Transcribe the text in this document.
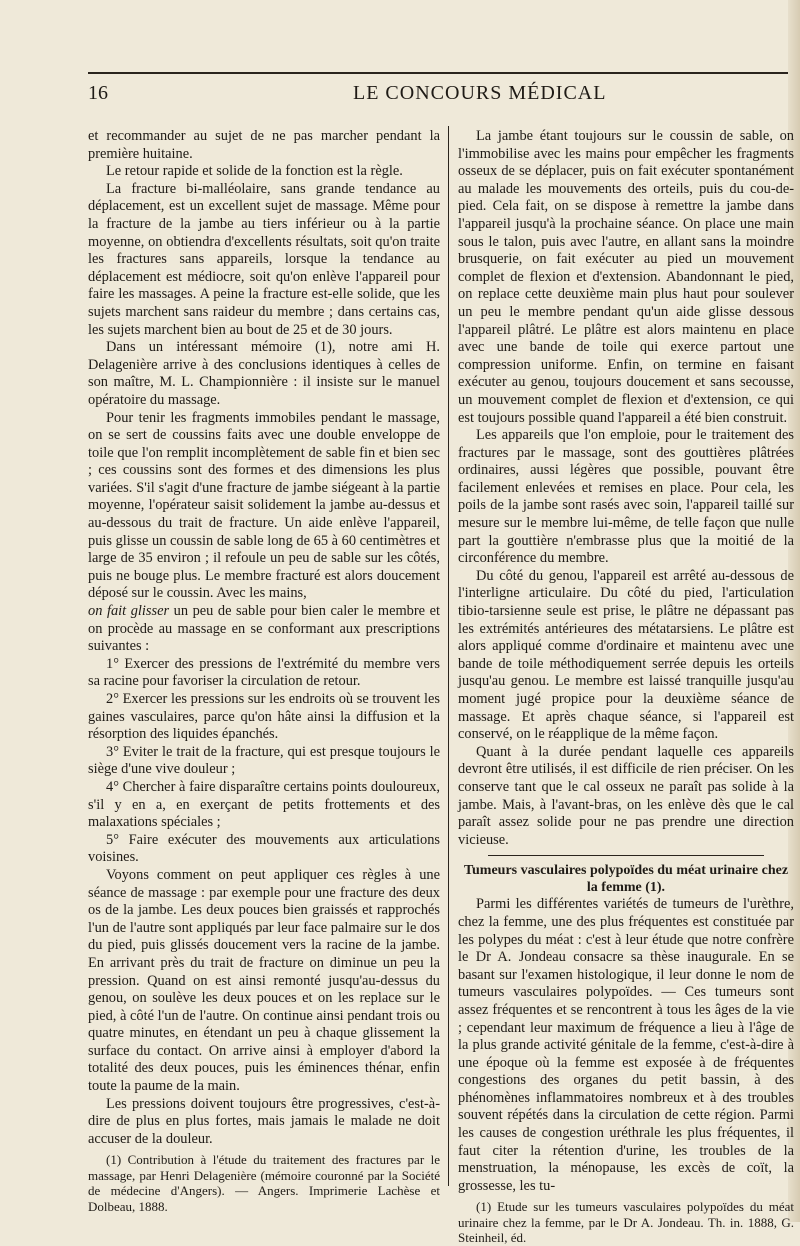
16	LE CONCOURS MÉDICAL

et recommander au sujet de ne pas marcher pendant la première huitaine.

Le retour rapide et solide de la fonction est la règle.

La fracture bi-malléolaire, sans grande tendance au déplacement, est un excellent sujet de massage. Même pour la fracture de la jambe au tiers inférieur ou à la partie moyenne, on obtiendra d'excellents résultats, soit qu'on traite les fractures sans appareils, lorsque la tendance au déplacement est médiocre, soit qu'on enlève l'appareil pour faire les massages. A peine la fracture est-elle solide, que les sujets marchent sans raideur du membre ; dans certains cas, les sujets marchent bien au bout de 25 et de 30 jours.

Dans un intéressant mémoire (1), notre ami H. Delagenière arrive à des conclusions identiques à celles de son maître, M. L. Championnière : il insiste sur le manuel opératoire du massage.

Pour tenir les fragments immobiles pendant le massage, on se sert de coussins faits avec une double enveloppe de toile que l'on remplit incomplètement de sable fin et bien sec ; ces coussins sont des formes et des dimensions les plus variées. S'il s'agit d'une fracture de jambe siégeant à la partie moyenne, l'opérateur saisit solidement la jambe au-dessus et au-dessous du trait de fracture. Un aide enlève l'appareil, puis glisse un coussin de sable long de 65 à 60 centimètres et large de 35 environ ; il refoule un peu de sable sur les côtés, puis ne bouge plus. Le membre fracturé est alors doucement déposé sur le coussin. Avec les mains,

on fait glisser un peu de sable pour bien caler le membre et on procède au massage en se conformant aux prescriptions suivantes :

1° Exercer des pressions de l'extrémité du membre vers sa racine pour favoriser la circulation de retour.

2° Exercer les pressions sur les endroits où se trouvent les gaines vasculaires, parce qu'on hâte ainsi la diffusion et la résorption des liquides épanchés.

3° Eviter le trait de la fracture, qui est presque toujours le siège d'une vive douleur ;

4° Chercher à faire disparaître certains points douloureux, s'il y en a, en exerçant de petits frottements et des malaxations spéciales ;

5° Faire exécuter des mouvements aux articulations voisines.

Voyons comment on peut appliquer ces règles à une séance de massage : par exemple pour une fracture des deux os de la jambe. Les deux pouces bien graissés et rapprochés l'un de l'autre sont appliqués par leur face palmaire sur le dos du pied, puis glissés doucement vers la racine de la jambe. En arrivant près du trait de fracture on diminue un peu la pression. Quand on est ainsi remonté jusqu'au-dessus du genou, on soulève les deux pouces et on les replace sur le pied, à côté l'un de l'autre. On continue ainsi pendant trois ou quatre minutes, en étendant un peu à chaque glissement la surface du contact. On arrive ainsi à employer d'abord la totalité des deux pouces, puis les éminences thénar, enfin toute la paume de la main.

Les pressions doivent toujours être progressives, c'est-à-dire de plus en plus fortes, mais jamais le malade ne doit accuser de la douleur.

(1) Contribution à l'étude du traitement des fractures par le massage, par Henri Delagenière (mémoire couronné par la Société de médecine d'Angers). — Angers. Imprimerie Lachèse et Dolbeau, 1888.

La jambe étant toujours sur le coussin de sable, on l'immobilise avec les mains pour empêcher les fragments osseux de se déplacer, puis on fait exécuter spontanément au malade les mouvements des orteils, puis du cou-de-pied. Cela fait, on se dispose à remettre la jambe dans l'appareil jusqu'à la prochaine séance. On place une main sous le talon, puis avec l'autre, en allant sans la moindre brusquerie, on fait exécuter au pied un mouvement complet de flexion et d'extension. Abandonnant le pied, on replace cette deuxième main plus haut pour soulever un peu le membre pendant qu'un aide glisse dessous l'appareil plâtré. Le plâtre est alors maintenu en place avec une bande de toile qui exerce partout une compression uniforme. Enfin, on termine en faisant exécuter au genou, toujours doucement et sans secousse, un mouvement complet de flexion et d'extension, ce qui est toujours possible quand l'appareil a été bien construit.

Les appareils que l'on emploie, pour le traitement des fractures par le massage, sont des gouttières plâtrées ordinaires, aussi légères que possible, pouvant être facilement enlevées et remises en place. Pour cela, les poils de la jambe sont rasés avec soin, l'appareil taillé sur mesure sur le membre lui-même, de telle façon que nulle part la gouttière n'embrasse plus que la moitié de la circonférence du membre.

Du côté du genou, l'appareil est arrêté au-dessous de l'interligne articulaire. Du côté du pied, l'articulation tibio-tarsienne seule est prise, le plâtre ne dépassant pas les extrémités antérieures des métatarsiens. Le plâtre est alors appliqué comme d'ordinaire et maintenu avec une bande de toile méthodiquement serrée depuis les orteils jusqu'au genou. Le membre est laissé tranquille jusqu'au moment jugé propice pour la deuxième séance de massage. Et après chaque séance, si l'appareil est conservé, on le réapplique de la même façon.

Quant à la durée pendant laquelle ces appareils devront être utilisés, il est difficile de rien préciser. On les conserve tant que le cal osseux ne paraît pas solide à la jambe. Mais, à l'avant-bras, on les enlève dès que le cal paraît assez solide pour ne pas prendre une direction vicieuse.

Tumeurs vasculaires polypoïdes du méat urinaire chez la femme (1).

Parmi les différentes variétés de tumeurs de l'urèthre, chez la femme, une des plus fréquentes est constituée par les polypes du méat : c'est à leur étude que notre confrère le Dr A. Jondeau consacre sa thèse inaugurale. En se basant sur l'examen histologique, il leur donne le nom de tumeurs vasculaires polypoïdes. — Ces tumeurs sont assez fréquentes et se rencontrent à tous les âges de la vie ; cependant leur maximum de fréquence a lieu à l'âge de la plus grande activité génitale de la femme, c'est-à-dire à une époque où la femme est exposée à de fréquentes congestions des organes du petit bassin, à des phénomènes inflammatoires nombreux et à des troubles souvent répétés dans la circulation de cette région. Parmi les causes de congestion uréthrale les plus fréquentes, il faut citer la rétention d'urine, les troubles de la menstruation, la ménopause, les excès de coït, la grossesse, les tu-

(1) Etude sur les tumeurs vasculaires polypoïdes du méat urinaire chez la femme, par le Dr A. Jondeau. Th. in. 1888, G. Steinheil, éd.
